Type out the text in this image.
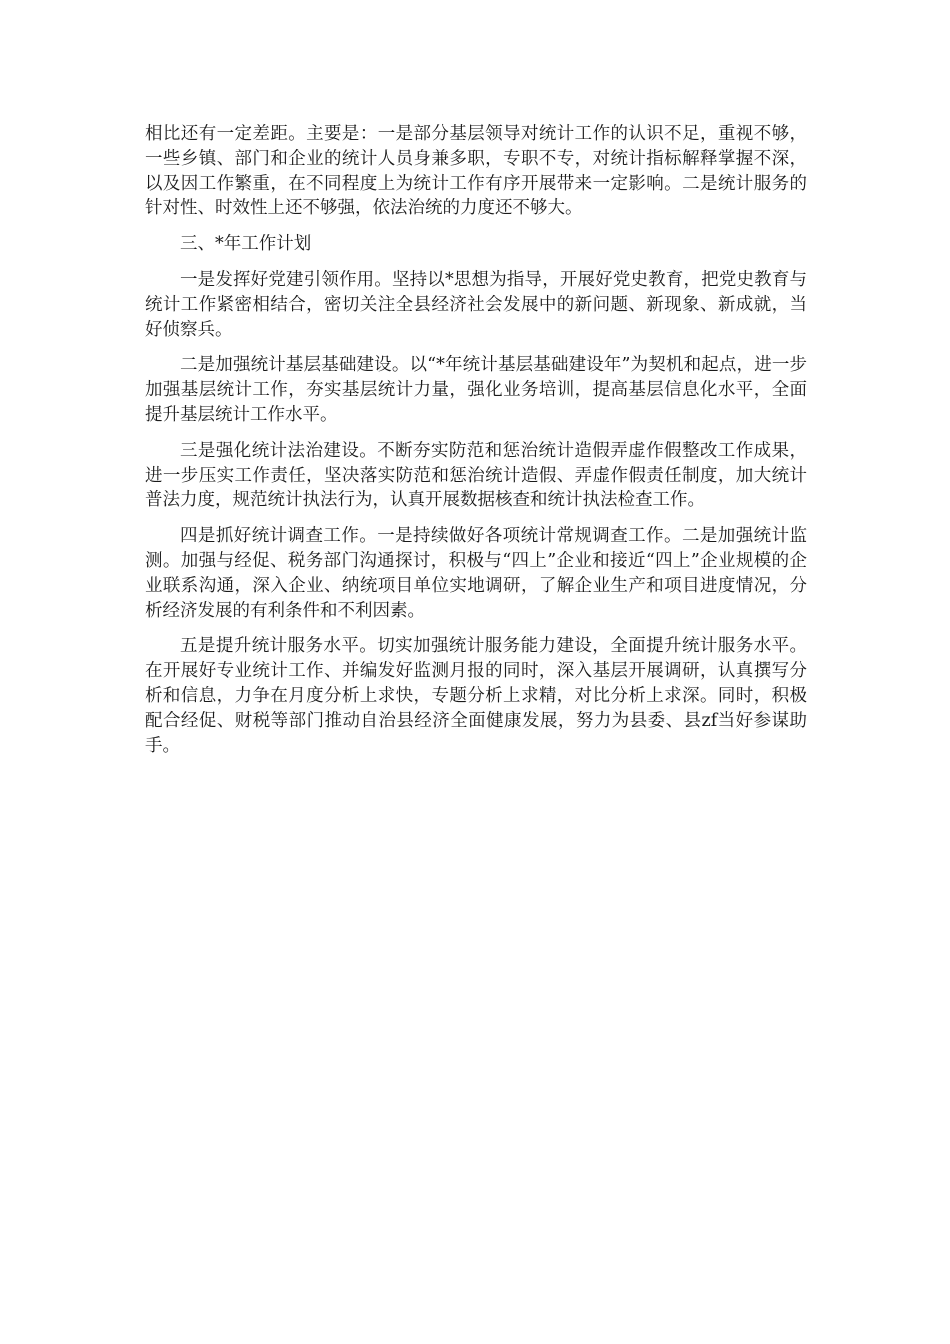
相比还有一定差距。主要是：一是部分基层领导对统计工作的认识不足，重视不够，一些乡镇、部门和企业的统计人员身兼多职，专职不专，对统计指标解释掌握不深，以及因工作繁重，在不同程度上为统计工作有序开展带来一定影响。二是统计服务的针对性、时效性上还不够强，依法治统的力度还不够大。

三、*年工作计划

一是发挥好党建引领作用。坚持以*思想为指导，开展好党史教育，把党史教育与统计工作紧密相结合，密切关注全县经济社会发展中的新问题、新现象、新成就，当好侦察兵。

二是加强统计基层基础建设。以“*年统计基层基础建设年”为契机和起点，进一步加强基层统计工作，夯实基层统计力量，强化业务培训，提高基层信息化水平，全面提升基层统计工作水平。

三是强化统计法治建设。不断夯实防范和惩治统计造假弄虚作假整改工作成果，进一步压实工作责任，坚决落实防范和惩治统计造假、弄虚作假责任制度，加大统计普法力度，规范统计执法行为，认真开展数据核查和统计执法检查工作。

四是抓好统计调查工作。一是持续做好各项统计常规调查工作。二是加强统计监测。加强与经促、税务部门沟通探讨，积极与“四上”企业和接近“四上”企业规模的企业联系沟通，深入企业、纳统项目单位实地调研，了解企业生产和项目进度情况，分析经济发展的有利条件和不利因素。

五是提升统计服务水平。切实加强统计服务能力建设，全面提升统计服务水平。在开展好专业统计工作、并编发好监测月报的同时，深入基层开展调研，认真撰写分析和信息，力争在月度分析上求快，专题分析上求精，对比分析上求深。同时，积极配合经促、财税等部门推动自治县经济全面健康发展，努力为县委、县zf当好参谋助手。
